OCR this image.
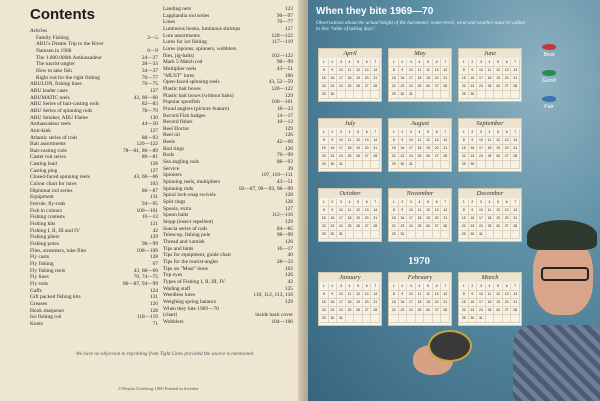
Contents
Articles
Family Fishing	2—5
ABU's Dream Trip to the River
Namsen in 1968	6—9
The 1.000.000th Ambassadeur	24—27
The tourist-angler	28—33
How to take fish	34—37
Right rod for the right fishing	76—77
ABULON, fishing lines	70—75
ABU leader casts	127
ABUMATIC reels	43, 60—66
ABU Series of bait-casting rods	82—83
ABU Series of spinning rods	78—79
ABU Smoker, ABU Flame	130
Ambassadeur reels	44—50
Anti-kink	127
Atlantic series of rods	88—93
Bait assortments	120—122
Bait-casting rods	78—81, 86—89
Caster rod series	80—81
Casting lead	128
Casting plug	127
Closed-faced spinning reels	43, 60—66
Colour chart for lures	103
Diplomat rod series	86—87
Equipment	131
Ferrule, fly-rods	94—95
Fish in colours	100—101
Fishing contests	10—13
Fishing kits	131
Fishing I, II, III and IV	42
Fishing pliers	129
Fishing poles	98—99
Flies, streamers, tube flies	108—109
Fly casts	128
Fly fishing	67
Fly fishing reels	43, 68—69
Fly lines	70, 74—75
Fly rods	86—87, 94—99
Gaffs	124
Gift packed fishing kits	131
Greases	126
Hook sharpener	128
Ice fishing rod	118—119
Knots	71
Landing nets	123
Lapplandia rod series	96—97
Lines	70—77
Luminous hooks, luminous shrimps	127
Lure assortments	120—122
Lures for ice fishing	117—119
Lures (spoons, spinners, wobblers
flies, jig-baits)	102—122
Mark 5 Match rod	98—99
Multiplier reels	43—51
"MUST" lures	106
Open-faced spinning reels	43, 52—59
Plastic bait boxes	120—122
Plastic bait boxes (without baits)	129
Popular sportfish	100—101
Proud anglers (picture feature)	18—23
Record Fish badges	14—17
Record fishes	10—13
Reel Doctor	129
Reel oil	126
Reels	42—69
Rod rings	126
Rods	76—99
Sea angling rods	88—93
Service	39
Spinners	107, 110—111
Spinning reels, multipliers	43—51
Spinning rods	82—87, 90—93, 98—99
Spiral lock-snap swivels	128
Split rings	128
Spools, extra	127
Spoon baits	112—116
Stopp (insect repellent)	129
Suecia series of rods	84—85
Telescop, fishing pole	98—99
Thread and varnish	126
Tips and hints	16—17
Tips for equipment, guide chart	40
Tips for the tourist-angler	28—33
Tips on "Must" lures	102
Top eyes	126
Types of Fishing I, II, III, IV	42
Wading staff	125
Weedless lures	110, 112, 113, 116
Weighing spring balance	129
When they bite 1969—70
(chart)	inside back cover
Wobblers	104—106
We have no objection to reprinting from Tight Lines provided the source is mentioned.
©Wezäta Göteborg 1969 Printed in Sweden
When they bite 1969—70
Observations about the actual height of the barometer, water-level, wind and weather must be added to this "table of taking days".
Best
Good
Fair
April
1	2	3	4	5	6	7
8	9	10	11	12	13	14
15	16	17	18	19	20	21
22	23	24	25	26	27	28
29	30
May
1	2	3	4	5	6	7
8	9	10	11	12	13	14
15	16	17	18	19	20	21
22	23	24	25	26	27	28
29	30	31
June
1	2	3	4	5	6	7
8	9	10	11	12	13	14
15	16	17	18	19	20	21
22	23	24	25	26	27	28
29	30
July
1	2	3	4	5	6	7
8	9	10	11	12	13	14
15	16	17	18	19	20	21
22	23	24	25	26	27	28
29	30	31
August
1	2	3	4	5	6	7
8	9	10	11	12	13	14
15	16	17	18	19	20	21
22	23	24	25	26	27	28
29	30	31
September
1	2	3	4	5	6	7
8	9	10	11	12	13	14
15	16	17	18	19	20	21
22	23	24	25	26	27	28
29	30
October
1	2	3	4	5	6	7
8	9	10	11	12	13	14
15	16	17	18	19	20	21
22	23	24	25	26	27	28
29	30	31
November
1	2	3	4	5	6	7
8	9	10	11	12	13	14
15	16	17	18	19	20	21
22	23	24	25	26	27	28
29	30
December
1	2	3	4	5	6	7
8	9	10	11	12	13	14
15	16	17	18	19	20	21
22	23	24	25	26	27	28
29	30	31
January
1	2	3	4	5	6	7
8	9	10	11	12	13	14
15	16	17	18	19	20	21
22	23	24	25	26	27	28
29	30	31
February
1	2	3	4	5	6	7
8	9	10	11	12	13	14
15	16	17	18	19	20	21
22	23	24	25	26	27	28
March
1	2	3	4	5	6	7
8	9	10	11	12	13	14
15	16	17	18	19	20	21
22	23	24	25	26	27	28
29	30	31
1970
